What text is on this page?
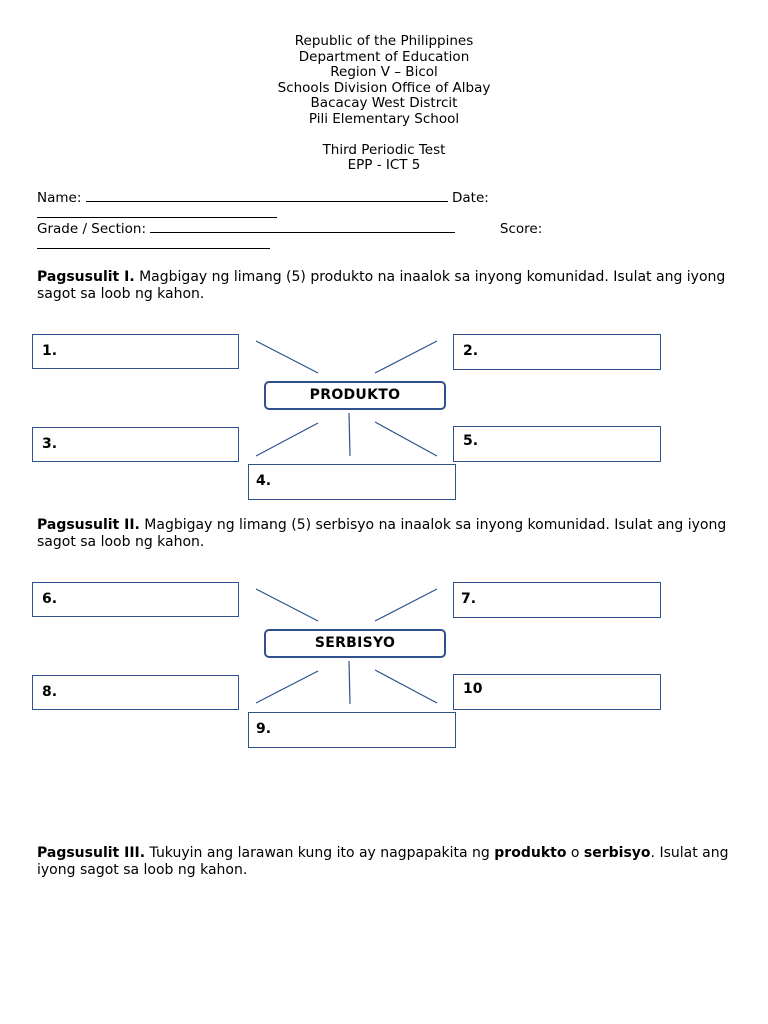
Republic of the Philippines
Department of Education
Region V – Bicol
Schools Division Office of Albay
Bacacay West Distrcit
Pili Elementary School
Third Periodic Test
EPP - ICT 5
Name:	Date:
Grade / Section:	Score:
Pagsusulit I. Magbigay ng limang (5) produkto na inaalok sa inyong komunidad. Isulat ang iyong sagot sa loob ng kahon.
1.	2.
PRODUKTO
3.	5.
4.
Pagsusulit II. Magbigay ng limang (5) serbisyo na inaalok sa inyong komunidad. Isulat ang iyong sagot sa loob ng kahon.
6.	7.
SERBISYO
8.	10
9.
Pagsusulit III. Tukuyin ang larawan kung ito ay nagpapakita ng produkto o serbisyo. Isulat ang iyong sagot sa loob ng kahon.
